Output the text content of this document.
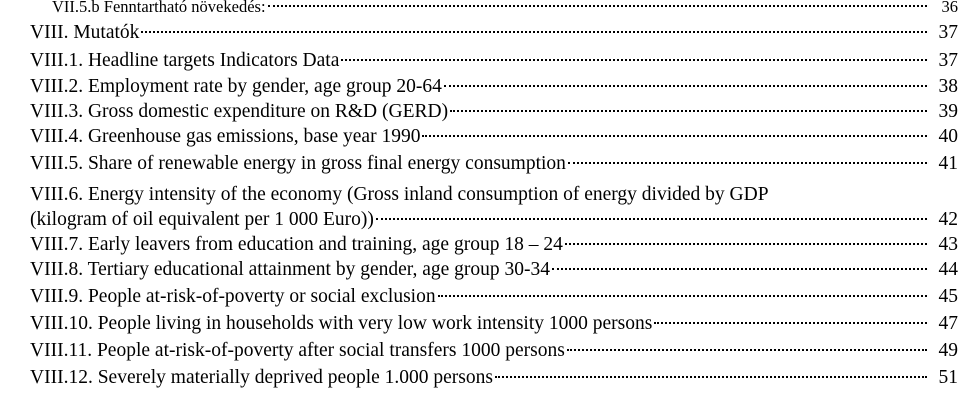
VII.5.b Fenntartható növekedés:	36
VIII. Mutatók	37
VIII.1. Headline targets Indicators Data	37
VIII.2. Employment rate by gender, age group 20-64	38
VIII.3. Gross domestic expenditure on R&D (GERD)	39
VIII.4. Greenhouse gas emissions, base year 1990	40
VIII.5. Share of renewable energy in gross final energy consumption	41
VIII.6. Energy intensity of the economy (Gross inland consumption of energy divided by GDP
(kilogram of oil equivalent per 1 000 Euro))	42
VIII.7. Early leavers from education and training, age group 18 – 24	43
VIII.8. Tertiary educational attainment by gender, age group 30-34	44
VIII.9. People at-risk-of-poverty or social exclusion	45
VIII.10. People living in households with very low work intensity 1000 persons	47
VIII.11. People at-risk-of-poverty after social transfers 1000 persons	49
VIII.12. Severely materially deprived people 1.000 persons	51
